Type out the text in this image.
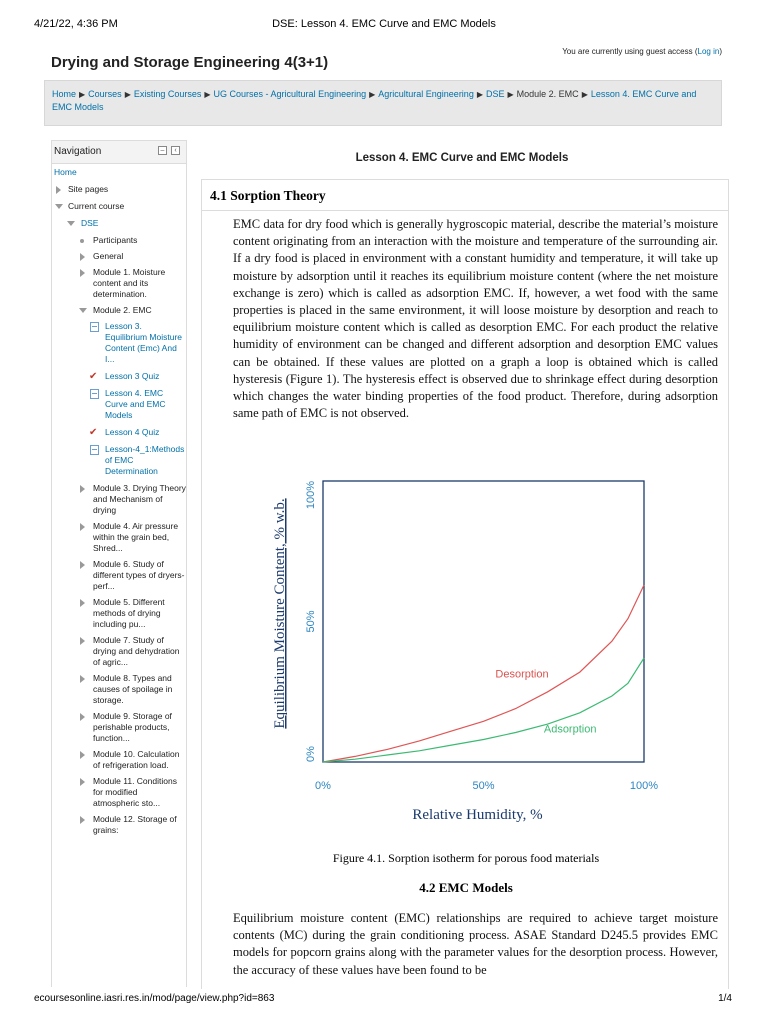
4/21/22, 4:36 PM	DSE: Lesson 4. EMC Curve and EMC Models
Drying and Storage Engineering 4(3+1)
You are currently using guest access (Log in)
Home ▶ Courses ▶ Existing Courses ▶ UG Courses - Agricultural Engineering ▶ Agricultural Engineering ▶ DSE ▶ Module 2. EMC ▶ Lesson 4. EMC Curve and EMC Models
Navigation	–	‹
Home
Site pages
Current course
DSE
Participants
General
Module 1. Moisture content and its determination.
Module 2. EMC
Lesson 3. Equilibrium Moisture Content (Emc) And I...
✔ Lesson 3 Quiz
Lesson 4. EMC Curve and EMC Models
✔ Lesson 4 Quiz
Lesson-4_1:Methods of EMC Determination
Module 3. Drying Theory and Mechanism of drying
Module 4. Air pressure within the grain bed, Shred...
Module 6. Study of different types of dryers- perf...
Module 5. Different methods of drying including pu...
Module 7. Study of drying and dehydration of agric...
Module 8. Types and causes of spoilage in storage.
Module 9. Storage of perishable products, function...
Module 10. Calculation of refrigeration load.
Module 11. Conditions for modified atmospheric sto...
Module 12. Storage of grains:
Lesson 4. EMC Curve and EMC Models
4.1 Sorption Theory
EMC data for dry food which is generally hygroscopic material, describe the material’s moisture content originating from an interaction with the moisture and temperature of the surrounding air. If a dry food is placed in environment with a constant humidity and temperature, it will take up moisture by adsorption until it reaches its equilibrium moisture content (where the net moisture exchange is zero) which is called as adsorption EMC. If, however, a wet food with the same properties is placed in the same environment, it will loose moisture by desorption and reach to equilibrium moisture content which is called as desorption EMC. For each product the relative humidity of environment can be changed and different adsorption and desorption EMC values can be obtained. If these values are plotted on a graph a loop is obtained which is called hysteresis (Figure 1). The hysteresis effect is observed due to shrinkage effect during desorption which changes the water binding properties of the food product. Therefore, during adsorption same path of EMC is not observed.
0%
50%
100%
0%	50%	100%
Relative Humidity, %
Equilibrium Moisture Content, % w.b.	Desorption
Adsorption
Figure 4.1. Sorption isotherm for porous food materials
4.2 EMC Models
Equilibrium moisture content (EMC) relationships are required to achieve target moisture contents (MC) during the grain conditioning process. ASAE Standard D245.5 provides EMC models for popcorn grains along with the parameter values for the desorption process. However, the accuracy of these values have been found to be
ecoursesonline.iasri.res.in/mod/page/view.php?id=863	1/4
